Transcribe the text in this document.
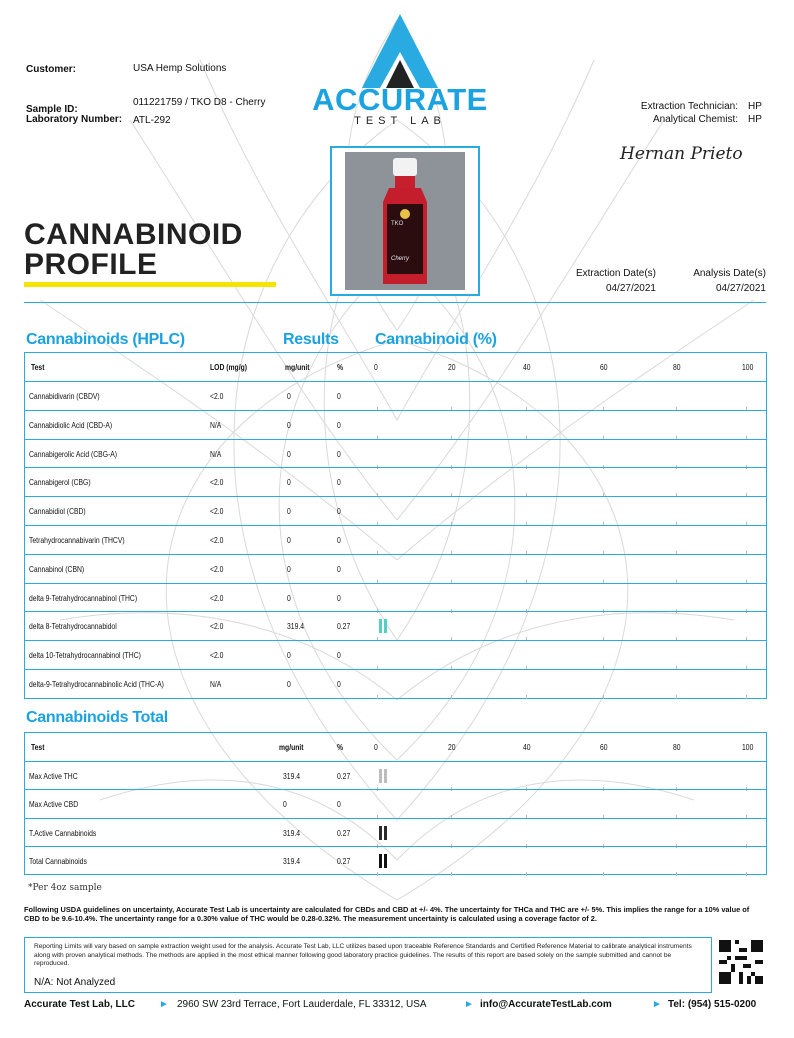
Customer:	USA Hemp Solutions
Sample ID:
011221759 / TKO D8 - Cherry
Laboratory Number: ATL-292
ACCURATE
TEST LAB
Extraction Technician: HP
Analytical Chemist: HP
Hernan Prieto
TKO
Cherry
CANNABINOID
PROFILE	Extraction Date(s)
04/27/2021
Analysis Date(s)
04/27/2021
Cannabinoids (HPLC)	Results Cannabinoid (%)
Test	LOD (mg/g)	mg/unit	%	0	20	40	60	80	100
Cannabidivarin (CBDV)	<2.0	0	0
Cannabidiolic Acid (CBD-A)	N/A	0	0
Cannabigerolic Acid (CBG-A)	N/A	0	0
Cannabigerol (CBG)	<2.0	0	0
Cannabidiol (CBD)	<2.0	0	0
Tetrahydrocannabivarin (THCV)	<2.0	0	0
Cannabinol (CBN)	<2.0	0	0
delta 9-Tetrahydrocannabinol (THC)	<2.0	0	0
delta 8-Tetrahydrocannabidol	<2.0	319.4	0.27
delta 10-Tetrahydrocannabinol (THC)	<2.0	0	0
delta-9-Tetrahydrocannabinolic Acid (THC-A)	N/A	0	0
Cannabinoids Total
Test	mg/unit	%	0	20	40	60	80	100
Max Active THC	319.4	0.27
Max Active CBD	0	0
T.Active Cannabinoids	319.4	0.27
Total Cannabinoids	319.4	0.27
*Per 4oz sample
Following USDA guidelines on uncertainty, Accurate Test Lab is uncertainty are calculated for CBDs and CBD at +/- 4%. The uncertainty for THCa and THC are +/- 5%. This implies the range for a 10% value of CBD to be 9.6-10.4%. The uncertainty range for a 0.30% value of THC would be 0.28-0.32%. The measurement uncertainty is calculated using a coverage factor of 2.
Reporting Limits will vary based on sample extraction weight used for the analysis. Accurate Test Lab, LLC utilizes based upon traceable Reference Standards and Certified Reference Material to calibrate analytical instruments along with proven analytical methods. The methods are applied in the most ethical manner following good laboratory practice guidelines. The results of this report are based solely on the sample submitted and cannot be reproduced.
N/A: Not Analyzed
Accurate Test Lab, LLC ► 2960 SW 23rd Terrace, Fort Lauderdale, FL 33312, USA	► info@AccurateTestLab.com	► Tel: (954) 515-0200
